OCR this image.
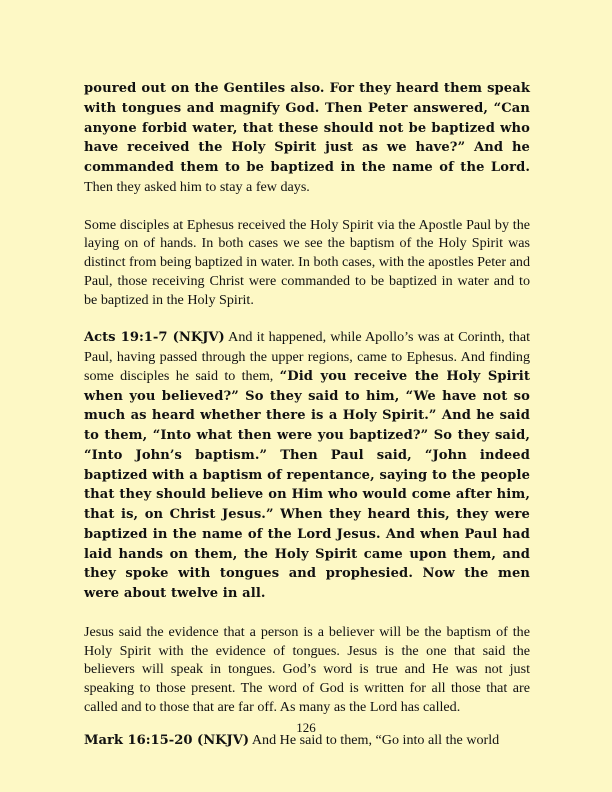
poured out on the Gentiles also. For they heard them speak with tongues and magnify God. Then Peter answered, “Can anyone forbid water, that these should not be baptized who have received the Holy Spirit just as we have?” And he commanded them to be baptized in the name of the Lord. Then they asked him to stay a few days.

Some disciples at Ephesus received the Holy Spirit via the Apostle Paul by the laying on of hands. In both cases we see the baptism of the Holy Spirit was distinct from being baptized in water. In both cases, with the apostles Peter and Paul, those receiving Christ were commanded to be baptized in water and to be baptized in the Holy Spirit.

Acts 19:1-7 (NKJV) And it happened, while Apollo’s was at Corinth, that Paul, having passed through the upper regions, came to Ephesus. And finding some disciples he said to them, “Did you receive the Holy Spirit when you believed?” So they said to him, “We have not so much as heard whether there is a Holy Spirit.” And he said to them, “Into what then were you baptized?” So they said, “Into John’s baptism.” Then Paul said, “John indeed baptized with a baptism of repentance, saying to the people that they should believe on Him who would come after him, that is, on Christ Jesus.” When they heard this, they were baptized in the name of the Lord Jesus. And when Paul had laid hands on them, the Holy Spirit came upon them, and they spoke with tongues and prophesied. Now the men were about twelve in all.

Jesus said the evidence that a person is a believer will be the baptism of the Holy Spirit with the evidence of tongues. Jesus is the one that said the believers will speak in tongues. God’s word is true and He was not just speaking to those present. The word of God is written for all those that are called and to those that are far off. As many as the Lord has called.

Mark 16:15-20 (NKJV) And He said to them, “Go into all the world

126
